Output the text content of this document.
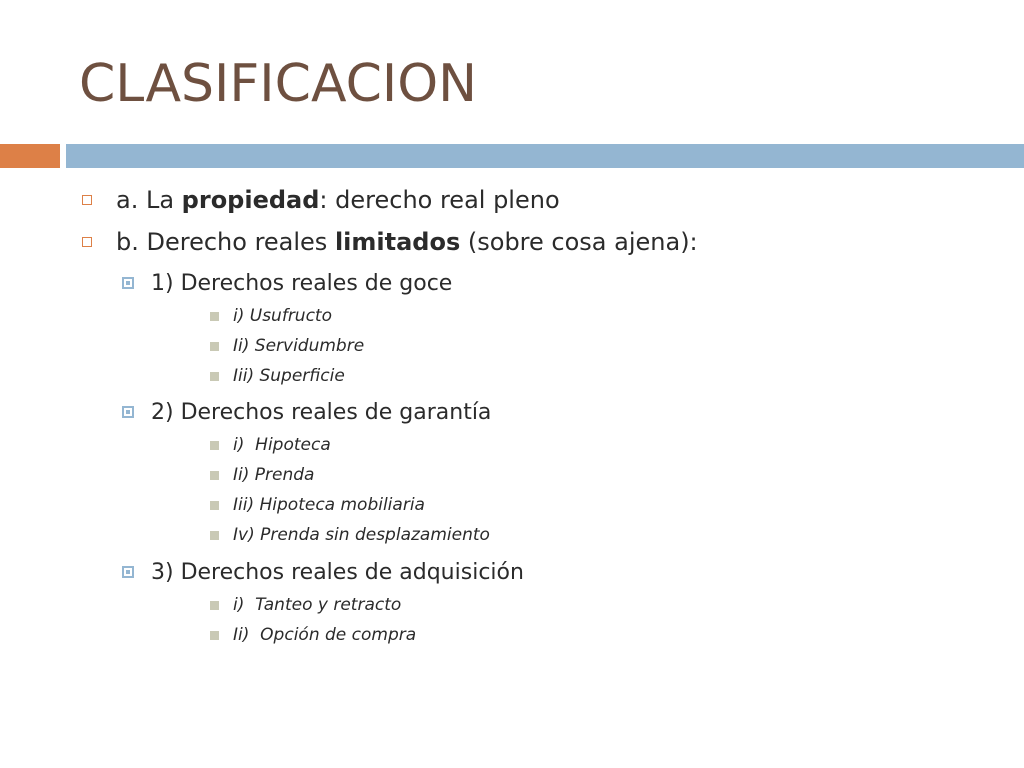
CLASIFICACION
a. La propiedad : derecho real pleno
b. Derecho reales limitados (sobre cosa ajena):
1) Derechos reales de goce
i) Usufructo
Ii) Servidumbre
Iii) Superficie
2) Derechos reales de garantía
i)  Hipoteca
Ii) Prenda
Iii) Hipoteca mobiliaria
Iv) Prenda sin desplazamiento
3) Derechos reales de adquisición
i)  Tanteo y retracto
Ii)  Opción de compra
